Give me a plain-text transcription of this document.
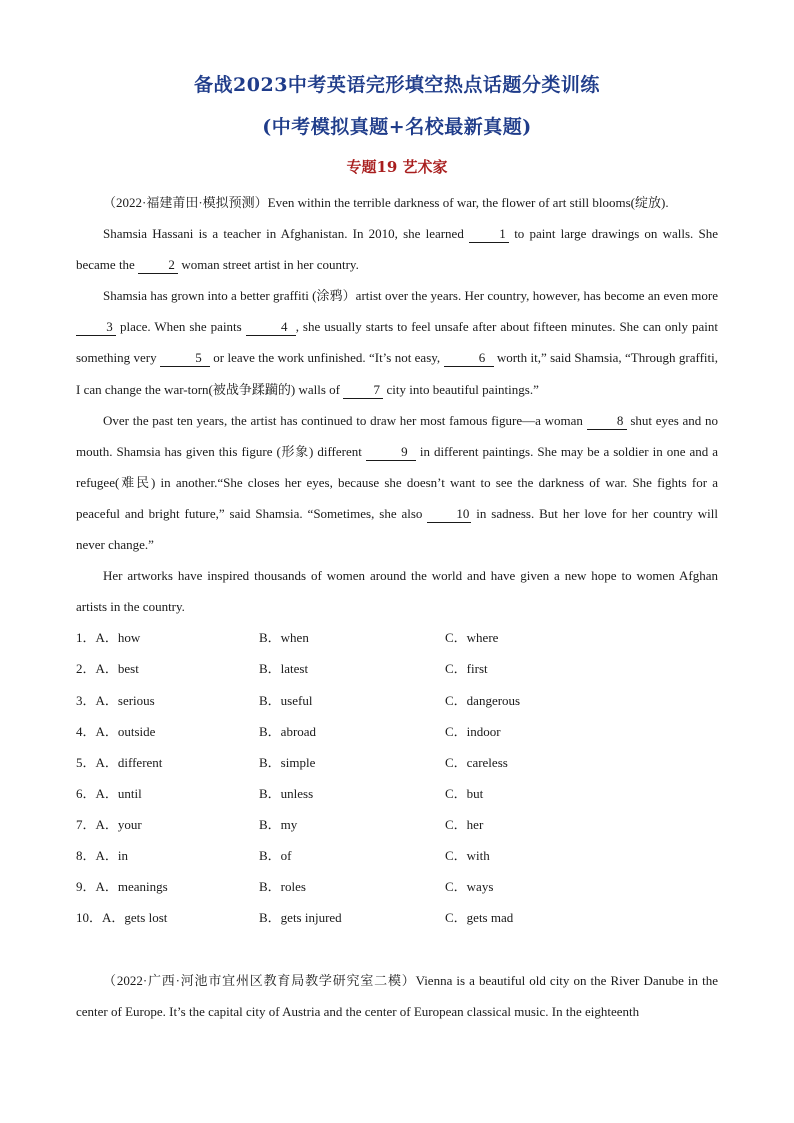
备战2023中考英语完形填空热点话题分类训练
(中考模拟真题+名校最新真题)
专题19 艺术家

（2022·福建莆田·模拟预测）Even within the terrible darkness of war, the flower of art still blooms(绽放).

Shamsia Hassani is a teacher in Afghanistan. In 2010, she learned 1 to paint large drawings on walls. She became the 2 woman street artist in her country.

Shamsia has grown into a better graffiti (涂鸦）artist over the years. Her country, however, has become an even more 3 place. When she paints	4 , she usually starts to feel unsafe after about fifteen minutes. She can only paint something very	5 or leave the work unfinished. “It’s not easy,	6 worth it,” said Shamsia, “Through graffiti, I can change the war-torn(被战争蹂躏的) walls of 7 city into beautiful paintings.”

Over the past ten years, the artist has continued to draw her most famous figure—a woman 8 shut eyes and no mouth. Shamsia has given this figure (形象) different	9 in different paintings. She may be a soldier in one and a refugee(难民) in another.“She closes her eyes, because she doesn’t want to see the darkness of war. She fights for a peaceful and bright future,” said Shamsia. “Sometimes, she also 10 in sadness. But her love for her country will never change.”

Her artworks have inspired thousands of women around the world and have given a new hope to women Afghan artists in the country.

1．A．how	B．when	C．where
2．A．best	B．latest	C．first
3．A．serious	B．useful	C．dangerous
4．A．outside	B．abroad	C．indoor
5．A．different	B．simple	C．careless
6．A．until	B．unless	C．but
7．A．your	B．my	C．her
8．A．in	B．of	C．with
9．A．meanings	B．roles	C．ways
10．A．gets lost	B．gets injured	C．gets mad

（2022·广西·河池市宜州区教育局教学研究室二模）Vienna is a beautiful old city on the River Danube in the center of Europe. It’s the capital city of Austria and the center of European classical music. In the eighteenth
